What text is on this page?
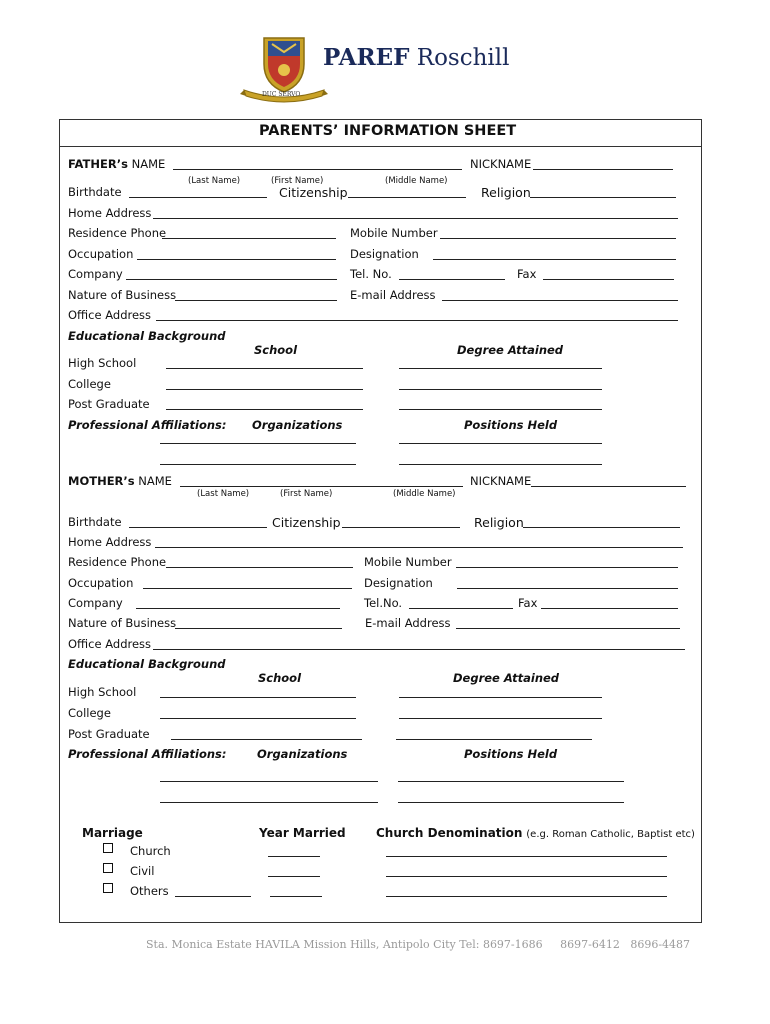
DUC SERVO
PAREF Roschill
PARENTS’ INFORMATION SHEET
FATHER’s NAME	NICKNAME
(Last Name)	(First Name)	(Middle Name)
Birthdate	Citizenship	Religion
Home Address
Residence Phone	Mobile Number
Occupation	Designation
Company	Tel. No.	Fax
Nature of Business	E-mail Address
Office Address
Educational Background
School	Degree Attained
High School
College
Post Graduate
Professional Affiliations: Organizations	Positions Held
MOTHER’s NAME	NICKNAME
(Last Name)	(First Name)	(Middle Name)
Birthdate	Citizenship	Religion
Home Address
Residence Phone	Mobile Number
Occupation	Designation
Company	Tel.No.	Fax
Nature of Business	E-mail Address
Office Address
Educational Background
School	Degree Attained
High School
College
Post Graduate
Professional Affiliations:	Organizations	Positions Held
Marriage	Year Married	Church Denomination (e.g. Roman Catholic, Baptist etc)
Church
Civil
Others
Sta. Monica Estate HAVILA Mission Hills, Antipolo City Tel: 8697-1686     8697-6412   8696-4487
